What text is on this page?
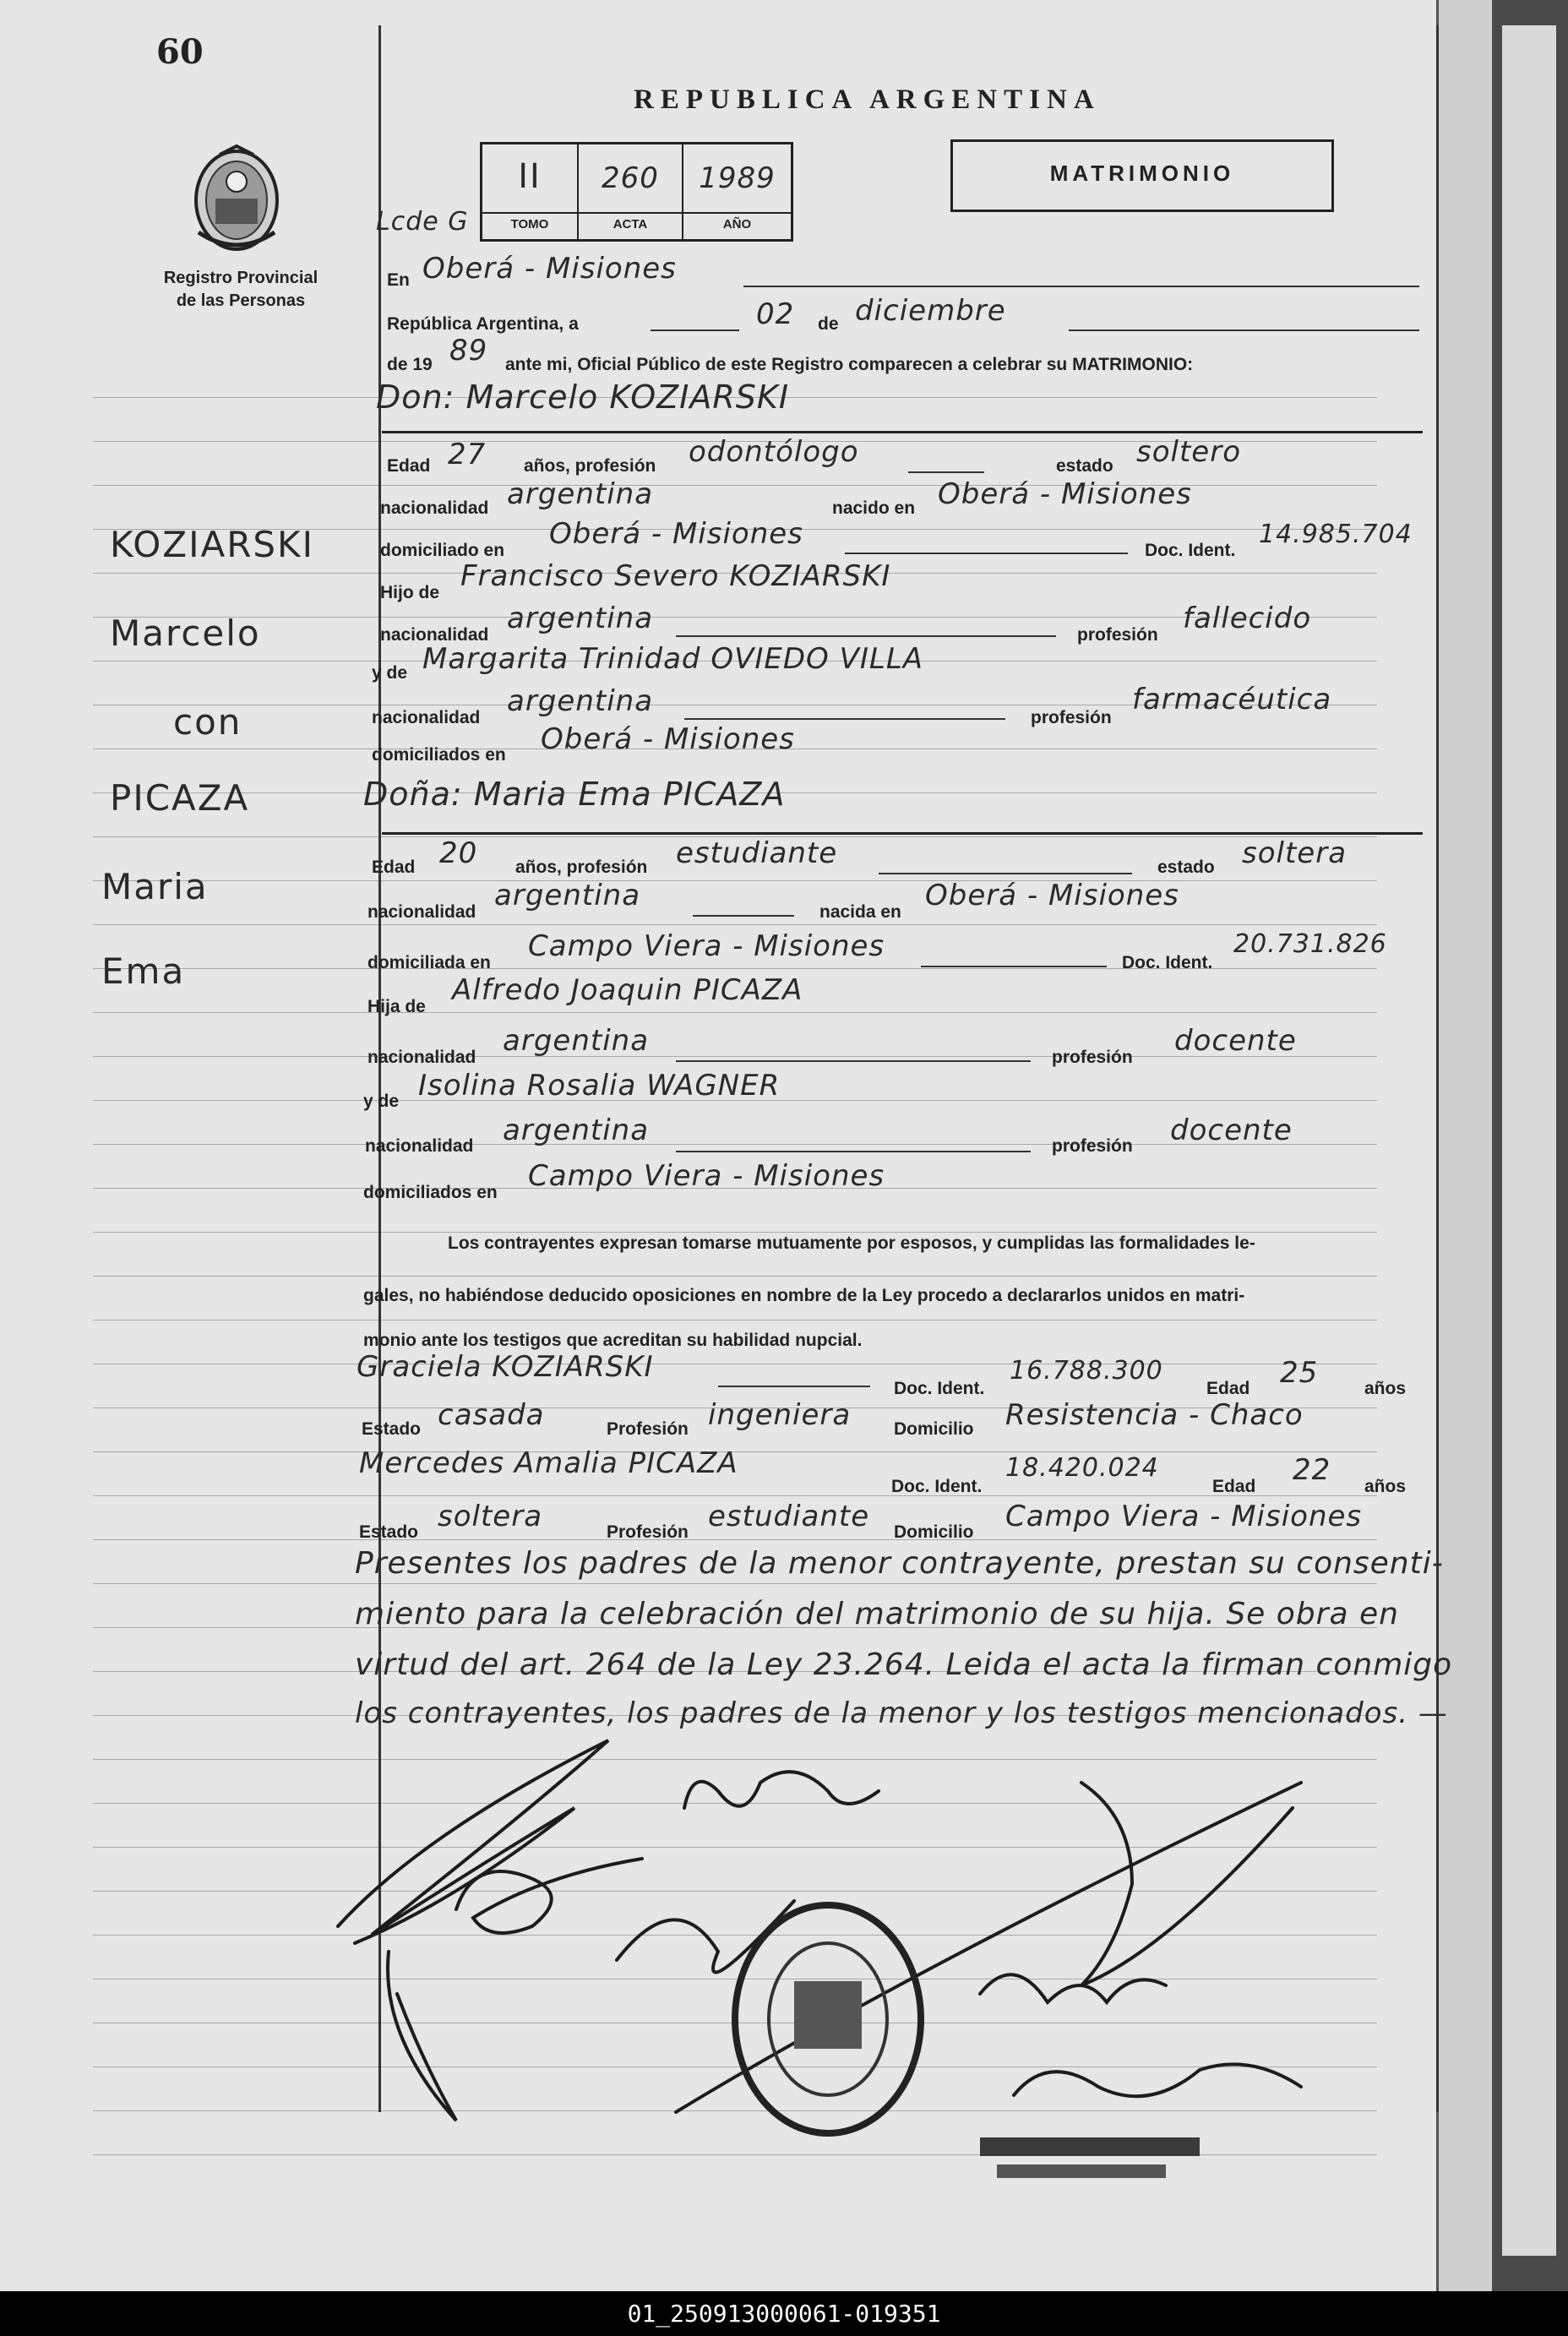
60
Registro Provincial
de las Personas
REPUBLICA ARGENTINA
MATRIMONIO
Lcde G
II	260	1989
TOMO	ACTA	AÑO
KOZIARSKI
Marcelo
con
PICAZA
Maria
Ema
En Oberá - Misiones
República Argentina, a	02 de diciembre
de 19 89 ante mi, Oficial Público de este Registro comparecen a celebrar su MATRIMONIO:
Don: Marcelo KOZIARSKI
Edad 27 años, profesión odontólogo	estado soltero
nacionalidad argentina	nacido en Oberá - Misiones
domiciliado en Oberá - Misiones	Doc. Ident.
14.985.704
Hijo de Francisco Severo KOZIARSKI
nacionalidad argentina	profesión fallecido
y de Margarita Trinidad OVIEDO VILLA
nacionalidad argentina	profesión
farmacéutica
domiciliados en Oberá - Misiones
Doña: Maria Ema PICAZA
Edad 20 años, profesión estudiante	estado soltera
nacionalidad argentina	nacida en Oberá - Misiones
domiciliada en Campo Viera - Misiones	Doc. Ident.
20.731.826
Hija de Alfredo Joaquin PICAZA
nacionalidad argentina	profesión docente
y de Isolina Rosalia WAGNER
nacionalidad argentina	profesión docente
domiciliados en Campo Viera - Misiones
Los contrayentes expresan tomarse mutuamente por esposos, y cumplidas las formalidades le-
gales, no habiéndose deducido oposiciones en nombre de la Ley procedo a declararlos unidos en matri-
monio ante los testigos que acreditan su habilidad nupcial.
Graciela KOZIARSKI
Doc. Ident.
16.788.300
Edad 25	años
Estado casada	Profesión ingeniera Domicilio Resistencia - Chaco
Mercedes Amalia PICAZA
Doc. Ident.
18.420.024
Edad 22 años
Estado soltera	Profesión estudiante Domicilio Campo Viera - Misiones
Presentes los padres de la menor contrayente, prestan su consenti-
miento para la celebración del matrimonio de su hija. Se obra en
virtud del art. 264 de la Ley 23.264. Leida el acta la firman conmigo
los contrayentes, los padres de la menor y los testigos mencionados. —
01_250913000061-019351
